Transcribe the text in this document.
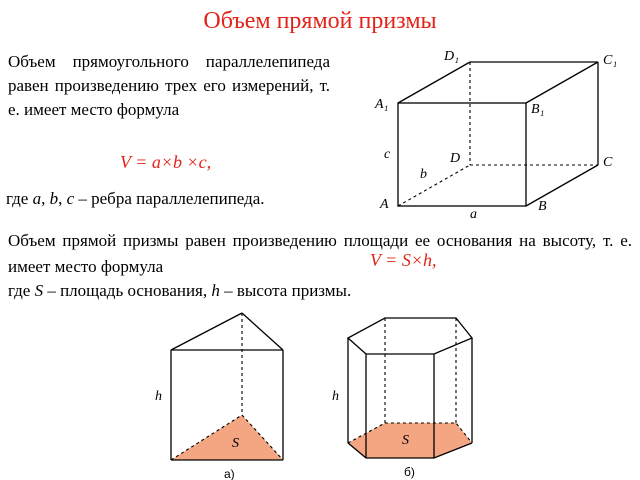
Объем прямой призмы
Объем прямоугольного параллелепипеда равен произведению трех его измерений, т. е. имеет место формула
V = a×b ×c,
где a, b, c – ребра параллелепипеда.
D₁	C₁
A₁	B₁
c	D	C
b
A	B
a
Объем прямой призмы равен произведению площади ее основания на высоту, т. е. имеет место формула	V = S×h,
где S – площадь основания, h – высота призмы.
h
S
а)
h
S
б)
